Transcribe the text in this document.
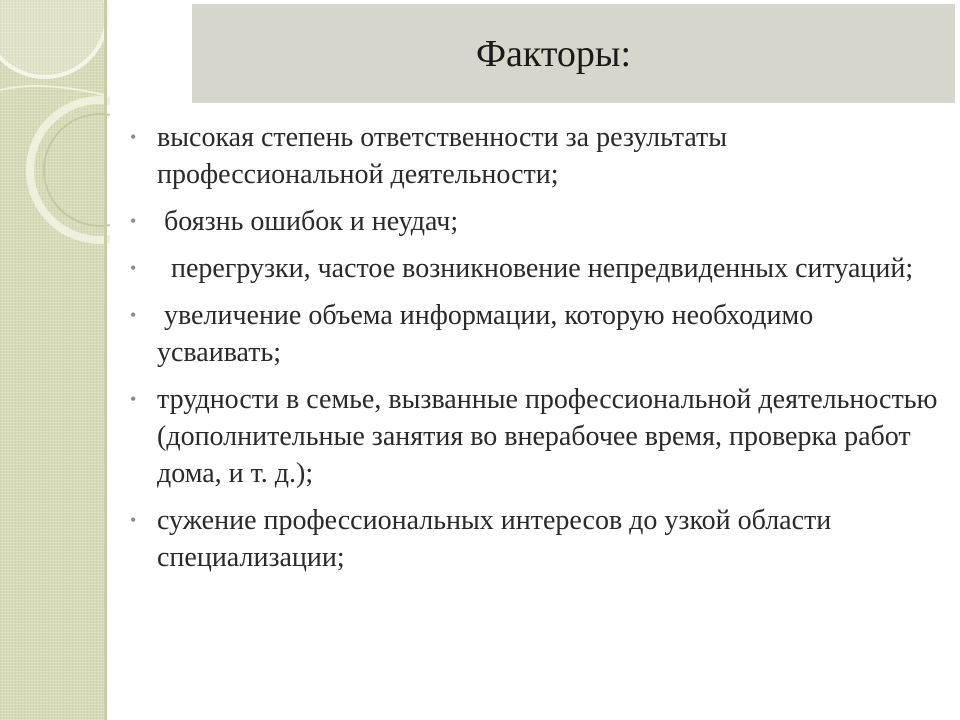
Факторы:
• высокая степень ответственности за результаты профессиональной деятельности;
• боязнь ошибок и неудач;
• перегрузки, частое возникновение непредвиденных ситуаций;
• увеличение объема информации, которую необходимо усваивать;
• трудности в семье, вызванные профессиональной деятельностью (дополнительные занятия во внерабочее время, проверка работ дома, и т. д.);
• сужение профессиональных интересов до узкой области специализации;
